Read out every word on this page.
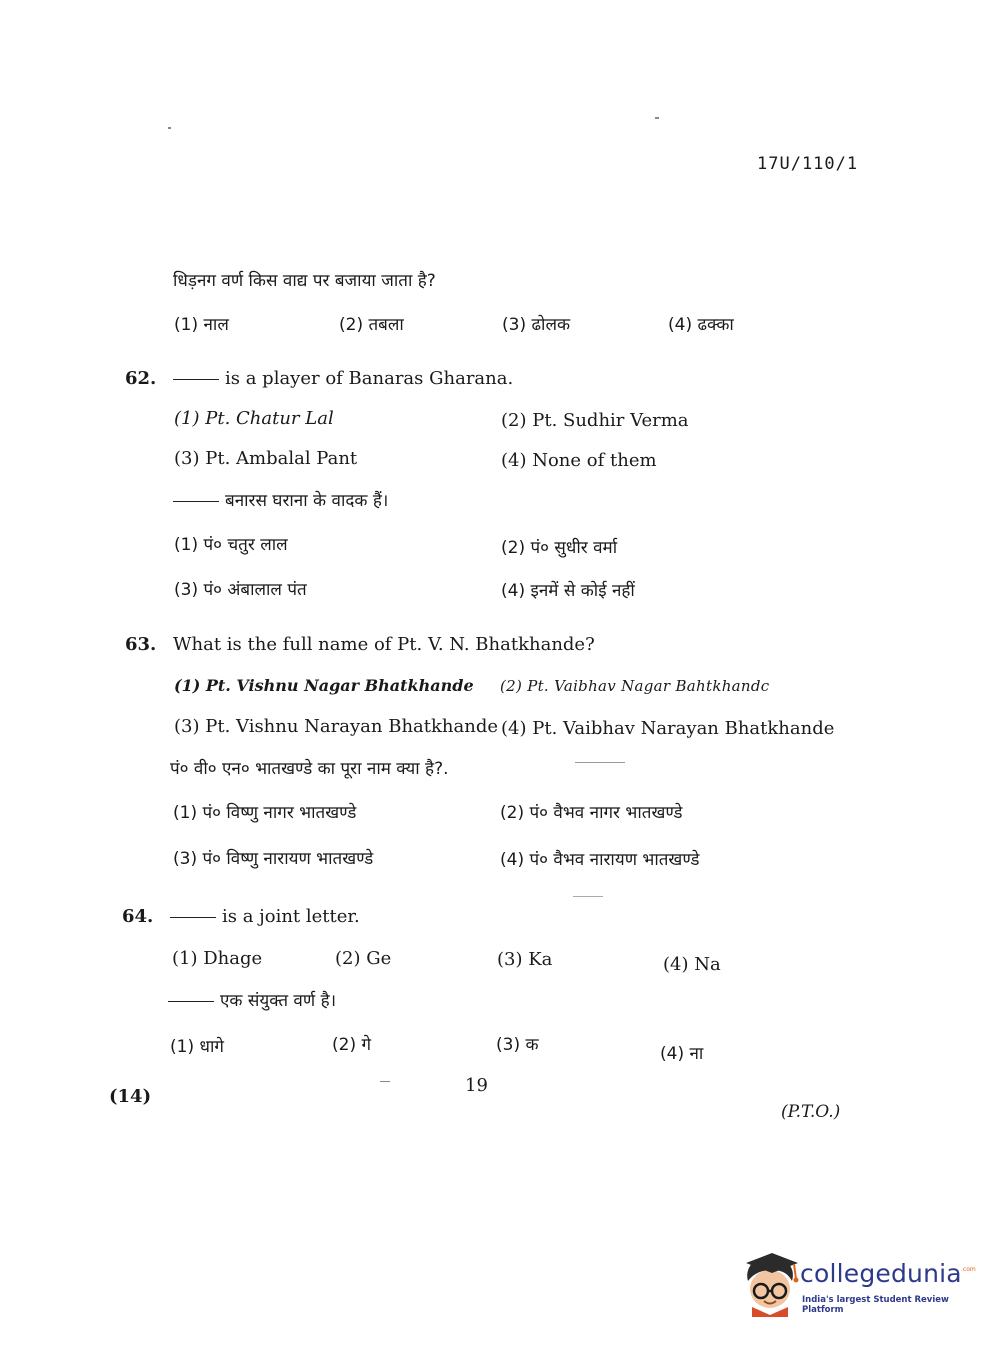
17U/110/1
धिड़नग वर्ण किस वाद्य पर बजाया जाता है?
(1) नाल	(2) तबला	(3) ढोलक	(4) ढक्का
62.	is a player of Banaras Gharana.
(1) Pt. Chatur Lal	(2) Pt. Sudhir Verma
(3) Pt. Ambalal Pant	(4) None of them
बनारस घराना के वादक हैं।
(1) पं० चतुर लाल	(2) पं० सुधीर वर्मा
(3) पं० अंबालाल पंत	(4) इनमें से कोई नहीं
63. What is the full name of Pt. V. N. Bhatkhande?
(1) Pt. Vishnu Nagar Bhatkhande (2) Pt. Vaibhav Nagar Bahtkhandc
(3) Pt. Vishnu Narayan Bhatkhande (4) Pt. Vaibhav Narayan Bhatkhande
पं० वी० एन० भातखण्डे का पूरा नाम क्या है?.
(1) पं० विष्णु नागर भातखण्डे	(2) पं० वैभव नागर भातखण्डे
(3) पं० विष्णु नारायण भातखण्डे	(4) पं० वैभव नारायण भातखण्डे
64.	is a joint letter.
(1) Dhage	(2) Ge	(3) Ka	(4) Na
एक संयुक्त वर्ण है।
(1) धागे	(2) गे	(3) क	(4) ना
(14)
19
(P.T.O.)
collegedunia .com
India's largest Student Review Platform
